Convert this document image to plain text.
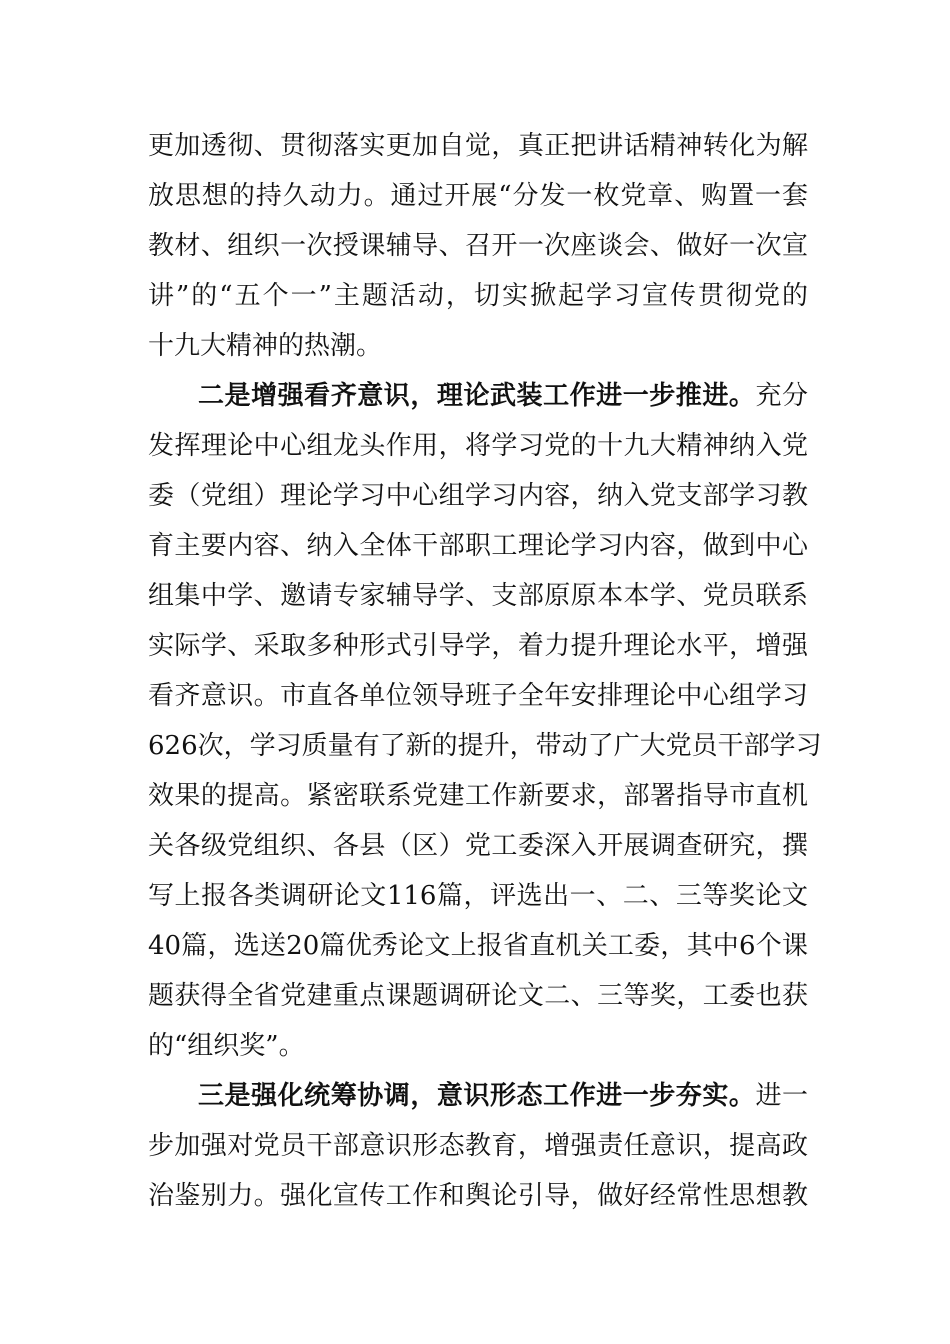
更加透彻、贯彻落实更加自觉，真正把讲话精神转化为解
放思想的持久动力。通过开展“分发一枚党章、购置一套
教材、组织一次授课辅导、召开一次座谈会、做好一次宣
讲”的“五个一”主题活动，切实掀起学习宣传贯彻党的
十九大精神的热潮。
二是增强看齐意识，理论武装工作进一步推进。充分
发挥理论中心组龙头作用，将学习党的十九大精神纳入党
委（党组）理论学习中心组学习内容，纳入党支部学习教
育主要内容、纳入全体干部职工理论学习内容，做到中心
组集中学、邀请专家辅导学、支部原原本本学、党员联系
实际学、采取多种形式引导学，着力提升理论水平，增强
看齐意识。市直各单位领导班子全年安排理论中心组学习
626次，学习质量有了新的提升，带动了广大党员干部学习
效果的提高。紧密联系党建工作新要求，部署指导市直机
关各级党组织、各县（区）党工委深入开展调查研究，撰
写上报各类调研论文116篇，评选出一、二、三等奖论文
40篇，选送20篇优秀论文上报省直机关工委，其中6个课
题获得全省党建重点课题调研论文二、三等奖，工委也获
的“组织奖”。
三是强化统筹协调，意识形态工作进一步夯实。进一
步加强对党员干部意识形态教育，增强责任意识，提高政
治鉴别力。强化宣传工作和舆论引导，做好经常性思想教
